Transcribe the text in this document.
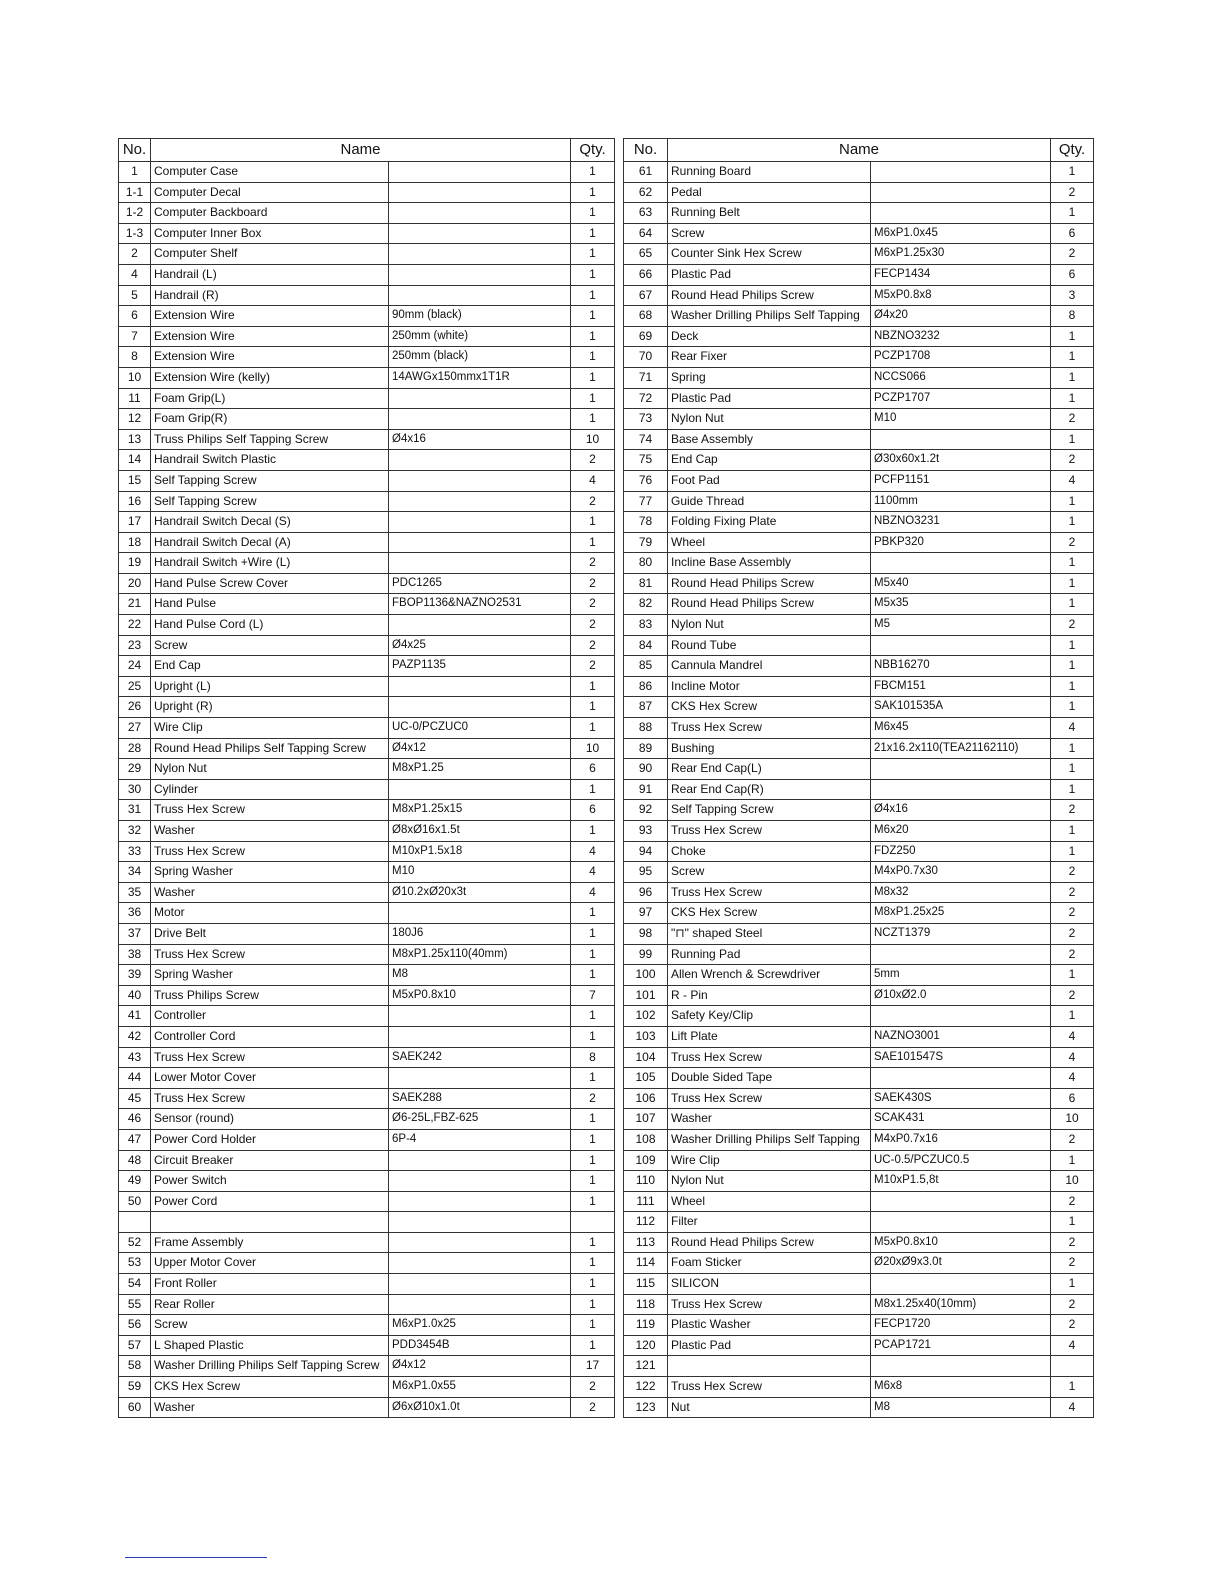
No.	Name		Qty.
1	Computer Case		1
1-1	Computer Decal		1
1-2	Computer Backboard		1
1-3	Computer Inner Box		1
2	Computer Shelf		1
4	Handrail (L)		1
5	Handrail (R)		1
6	Extension Wire	90mm (black)	1
7	Extension Wire	250mm (white)	1
8	Extension Wire	250mm (black)	1
10	Extension Wire (kelly)	14AWGx150mmx1T1R	1
11	Foam Grip(L)		1
12	Foam Grip(R)		1
13	Truss Philips Self Tapping Screw	Ø4x16	10
14	Handrail Switch Plastic		2
15	Self Tapping Screw		4
16	Self Tapping Screw		2
17	Handrail Switch Decal (S)		1
18	Handrail Switch Decal (A)		1
19	Handrail Switch +Wire (L)		2
20	Hand Pulse Screw Cover	PDC1265	2
21	Hand Pulse	FBOP1136&NAZNO2531	2
22	Hand Pulse Cord (L)		2
23	Screw	Ø4x25	2
24	End Cap	PAZP1135	2
25	Upright (L)		1
26	Upright (R)		1
27	Wire Clip	UC-0/PCZUC0	1
28	Round Head Philips Self Tapping Screw	Ø4x12	10
29	Nylon Nut	M8xP1.25	6
30	Cylinder		1
31	Truss Hex Screw	M8xP1.25x15	6
32	Washer	Ø8xØ16x1.5t	1
33	Truss Hex Screw	M10xP1.5x18	4
34	Spring Washer	M10	4
35	Washer	Ø10.2xØ20x3t	4
36	Motor		1
37	Drive Belt	180J6	1
38	Truss Hex Screw	M8xP1.25x110(40mm)	1
39	Spring Washer	M8	1
40	Truss Philips Screw	M5xP0.8x10	7
41	Controller		1
42	Controller Cord		1
43	Truss Hex Screw	SAEK242	8
44	Lower Motor Cover		1
45	Truss Hex Screw	SAEK288	2
46	Sensor (round)	Ø6-25L,FBZ-625	1
47	Power Cord Holder	6P-4	1
48	Circuit Breaker		1
49	Power Switch		1
50	Power Cord		1

52	Frame Assembly		1
53	Upper Motor Cover		1
54	Front Roller		1
55	Rear Roller		1
56	Screw	M6xP1.0x25	1
57	L Shaped Plastic	PDD3454B	1
58	Washer Drilling Philips Self Tapping Screw	Ø4x12	17
59	CKS Hex Screw	M6xP1.0x55	2
60	Washer	Ø6xØ10x1.0t	2
No.	Name		Qty.
61	Running Board		1
62	Pedal		2
63	Running Belt		1
64	Screw	M6xP1.0x45	6
65	Counter Sink Hex Screw	M6xP1.25x30	2
66	Plastic Pad	FECP1434	6
67	Round Head Philips Screw	M5xP0.8x8	3
68	Washer Drilling Philips Self Tapping	Ø4x20	8
69	Deck	NBZNO3232	1
70	Rear Fixer	PCZP1708	1
71	Spring	NCCS066	1
72	Plastic Pad	PCZP1707	1
73	Nylon Nut	M10	2
74	Base Assembly		1
75	End Cap	Ø30x60x1.2t	2
76	Foot Pad	PCFP1151	4
77	Guide Thread	1100mm	1
78	Folding Fixing Plate	NBZNO3231	1
79	Wheel	PBKP320	2
80	Incline Base Assembly		1
81	Round Head Philips Screw	M5x40	1
82	Round Head Philips Screw	M5x35	1
83	Nylon Nut	M5	2
84	Round Tube		1
85	Cannula Mandrel	NBB16270	1
86	Incline Motor	FBCM151	1
87	CKS Hex Screw	SAK101535A	1
88	Truss Hex Screw	M6x45	4
89	Bushing	21x16.2x110(TEA21162110)	1
90	Rear End Cap(L)		1
91	Rear End Cap(R)		1
92	Self Tapping Screw	Ø4x16	2
93	Truss Hex Screw	M6x20	1
94	Choke	FDZ250	1
95	Screw	M4xP0.7x30	2
96	Truss Hex Screw	M8x32	2
97	CKS Hex Screw	M8xP1.25x25	2
98	"⊓" shaped Steel	NCZT1379	2
99	Running Pad		2
100	Allen Wrench & Screwdriver	5mm	1
101	R - Pin	Ø10xØ2.0	2
102	Safety Key/Clip		1
103	Lift Plate	NAZNO3001	4
104	Truss Hex Screw	SAE101547S	4
105	Double Sided Tape		4
106	Truss Hex Screw	SAEK430S	6
107	Washer	SCAK431	10
108	Washer Drilling Philips Self Tapping	M4xP0.7x16	2
109	Wire Clip	UC-0.5/PCZUC0.5	1
110	Nylon Nut	M10xP1.5,8t	10
111	Wheel		2
112	Filter		1
113	Round Head Philips Screw	M5xP0.8x10	2
114	Foam Sticker	Ø20xØ9x3.0t	2
115	SILICON		1
118	Truss Hex Screw	M8x1.25x40(10mm)	2
119	Plastic Washer	FECP1720	2
120	Plastic Pad	PCAP1721	4
121			
122	Truss Hex Screw	M6x8	1
123	Nut	M8	4
